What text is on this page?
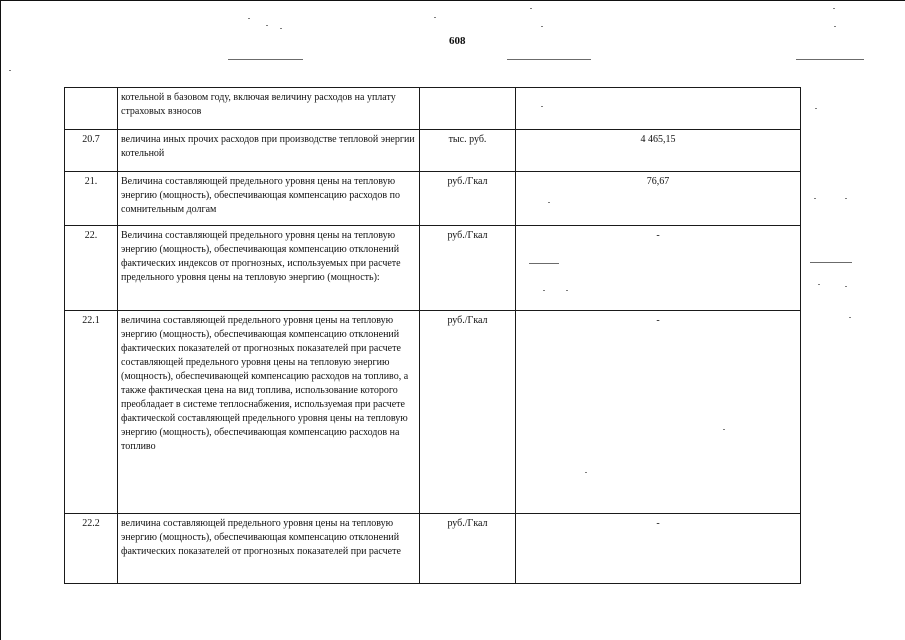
608
	котельной в базовом году, включая величину расходов на уплату страховых взносов		
20.7	величина иных прочих расходов при производстве тепловой энергии котельной	тыс. руб.	4 465,15
21.	Величина составляющей предельного уровня цены на тепловую энергию (мощность), обеспечивающая компенсацию расходов по сомнительным долгам	руб./Гкал	76,67
22.	Величина составляющей предельного уровня цены на тепловую энергию (мощность), обеспечивающая компенсацию отклонений фактических индексов от прогнозных, используемых при расчете предельного уровня цены на тепловую энергию (мощность):	руб./Гкал	-
22.1	величина составляющей предельного уровня цены на тепловую энергию (мощность), обеспечивающая компенсацию отклонений фактических показателей от прогнозных показателей при расчете составляющей предельного уровня цены на тепловую энергию (мощность), обеспечивающей компенсацию расходов на топливо, а также фактическая цена на вид топлива, использование которого преобладает в системе теплоснабжения, используемая при расчете фактической составляющей предельного уровня цены на тепловую энергию (мощность), обеспечивающая компенсацию расходов на топливо	руб./Гкал	-
22.2	величина составляющей предельного уровня цены на тепловую энергию (мощность), обеспечивающая компенсацию отклонений фактических показателей от прогнозных показателей при расчете	руб./Гкал	-
